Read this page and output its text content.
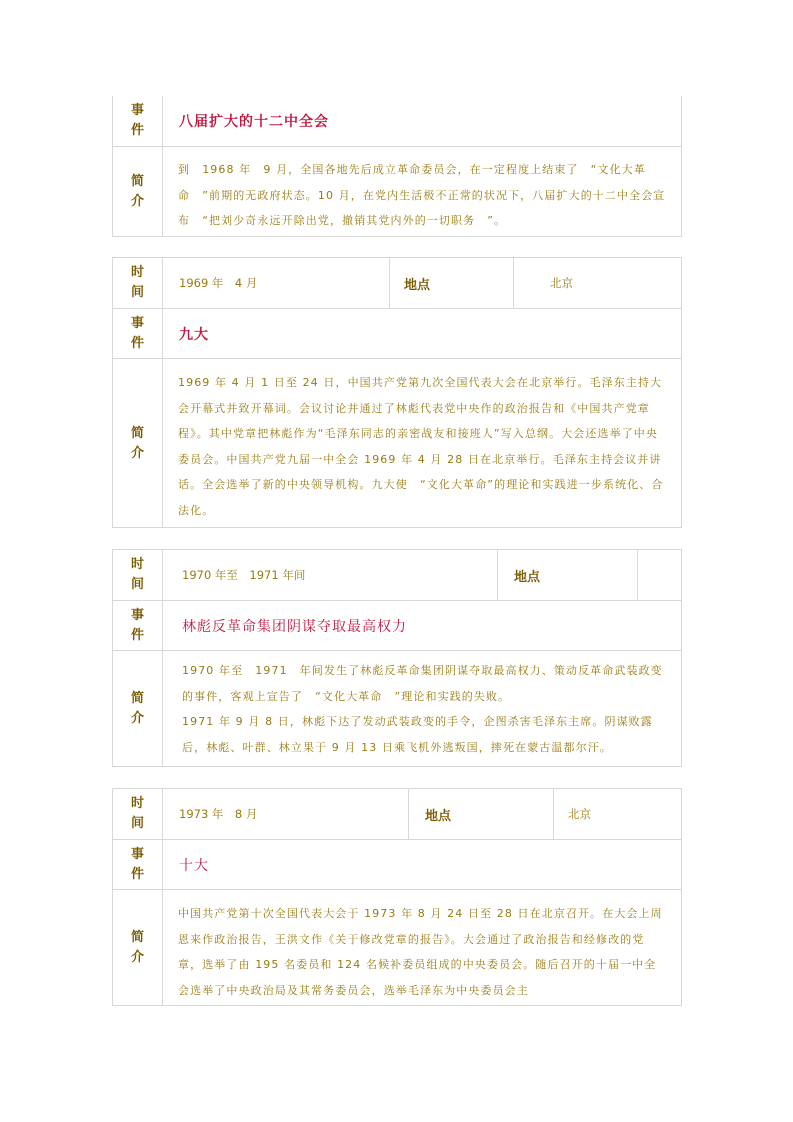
事件
八届扩大的十二中全会
简介

到　1968 年　9 月，全国各地先后成立革命委员会，在一定程度上结束了　“文化大革命　”前期的无政府状态。10 月，在党内生活极不正常的状况下，八届扩大的十二中全会宣布　“把刘少奇永远开除出党，撤销其党内外的一切职务　”。

时间
1969 年　4 月	地点	北京
事件
九大
简介

1969 年 4 月 1 日至 24 日，中国共产党第九次全国代表大会在北京举行。毛泽东主持大会开幕式并致开幕词。会议讨论并通过了林彪代表党中央作的政治报告和《中国共产党章程》。其中党章把林彪作为“毛泽东同志的亲密战友和接班人”写入总纲。大会还选举了中央委员会。中国共产党九届一中全会 1969 年 4 月 28 日在北京举行。毛泽东主持会议并讲话。全会选举了新的中央领导机构。九大使　“文化大革命”的理论和实践进一步系统化、合法化。

时间
1970 年至　1971 年间	地点
事件
林彪反革命集团阴谋夺取最高权力
简介

1970 年至　1971　年间发生了林彪反革命集团阴谋夺取最高权力、策动反革命武装政变的事件，客观上宣告了　“文化大革命　”理论和实践的失败。

1971 年 9 月 8 日，林彪下达了发动武装政变的手令，企图杀害毛泽东主席。阴谋败露后，林彪、叶群、林立果于 9 月 13 日乘飞机外逃叛国，摔死在蒙古温都尔汗。

时间
1973 年　8 月	地点	北京
事件
十大
简介

中国共产党第十次全国代表大会于 1973 年 8 月 24 日至 28 日在北京召开。在大会上周恩来作政治报告，王洪文作《关于修改党章的报告》。大会通过了政治报告和经修改的党章，选举了由 195 名委员和 124 名候补委员组成的中央委员会。随后召开的十届一中全会选举了中央政治局及其常务委员会，选举毛泽东为中央委员会主
